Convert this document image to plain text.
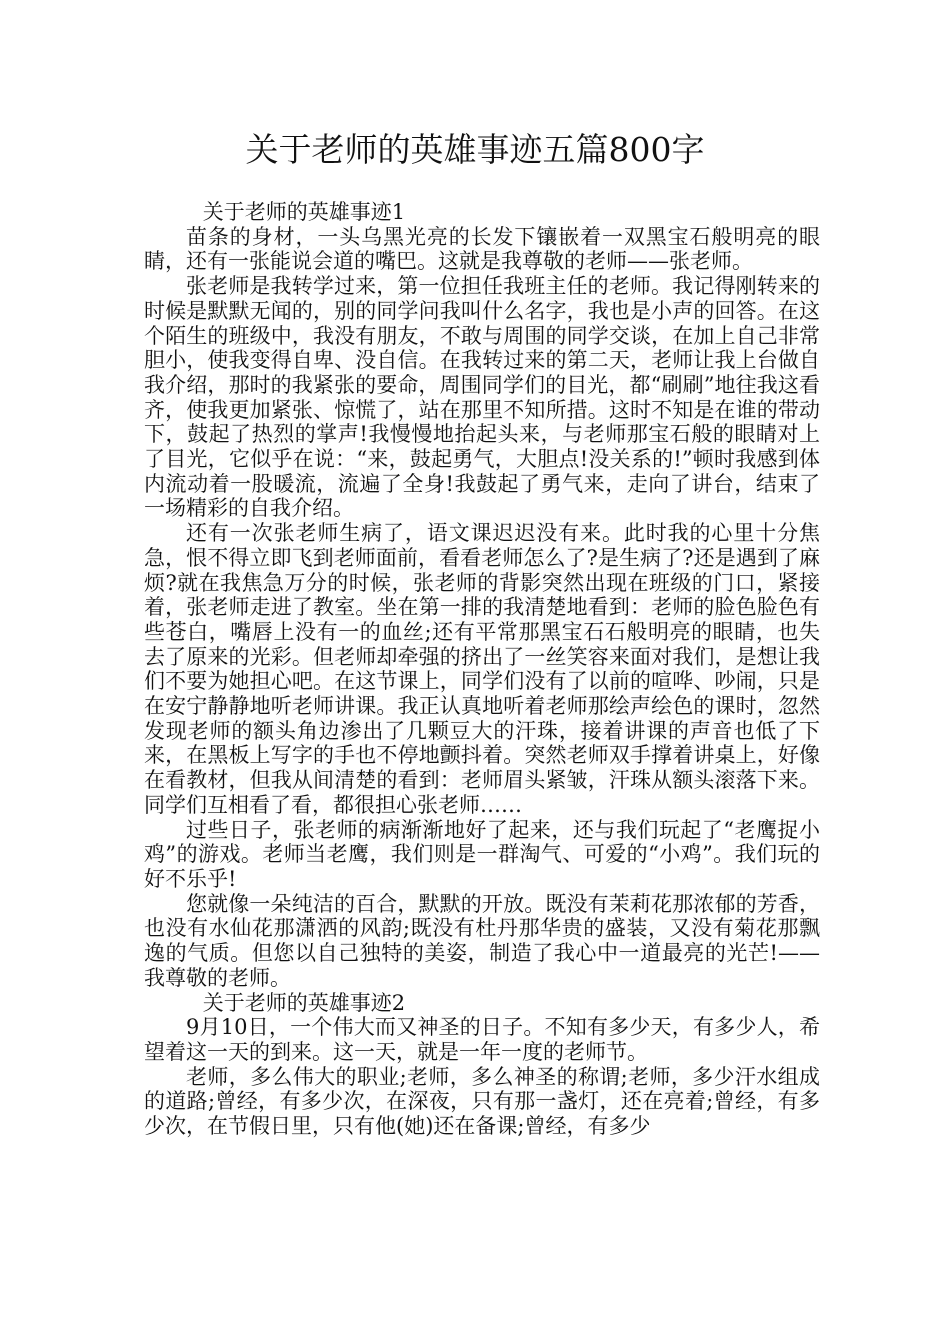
关于老师的英雄事迹五篇800字

关于老师的英雄事迹1

苗条的身材，一头乌黑光亮的长发下镶嵌着一双黑宝石般明亮的眼睛，还有一张能说会道的嘴巴。这就是我尊敬的老师——张老师。

张老师是我转学过来，第一位担任我班主任的老师。我记得刚转来的时候是默默无闻的，别的同学问我叫什么名字，我也是小声的回答。在这个陌生的班级中，我没有朋友，不敢与周围的同学交谈，在加上自己非常胆小，使我变得自卑、没自信。在我转过来的第二天，老师让我上台做自我介绍，那时的我紧张的要命，周围同学们的目光，都“刷刷”地往我这看齐，使我更加紧张、惊慌了，站在那里不知所措。这时不知是在谁的带动下，鼓起了热烈的掌声!我慢慢地抬起头来，与老师那宝石般的眼睛对上了目光，它似乎在说：“来，鼓起勇气，大胆点!没关系的!”顿时我感到体内流动着一股暖流，流遍了全身!我鼓起了勇气来，走向了讲台，结束了一场精彩的自我介绍。

还有一次张老师生病了，语文课迟迟没有来。此时我的心里十分焦急，恨不得立即飞到老师面前，看看老师怎么了?是生病了?还是遇到了麻烦?就在我焦急万分的时候，张老师的背影突然出现在班级的门口，紧接着，张老师走进了教室。坐在第一排的我清楚地看到：老师的脸色脸色有些苍白，嘴唇上没有一的血丝;还有平常那黑宝石石般明亮的眼睛，也失去了原来的光彩。但老师却牵强的挤出了一丝笑容来面对我们，是想让我们不要为她担心吧。在这节课上，同学们没有了以前的喧哗、吵闹，只是在安宁静静地听老师讲课。我正认真地听着老师那绘声绘色的课时，忽然发现老师的额头角边渗出了几颗豆大的汗珠，接着讲课的声音也低了下来，在黑板上写字的手也不停地颤抖着。突然老师双手撑着讲桌上，好像在看教材，但我从间清楚的看到：老师眉头紧皱，汗珠从额头滚落下来。同学们互相看了看，都很担心张老师……

过些日子，张老师的病渐渐地好了起来，还与我们玩起了“老鹰捉小鸡”的游戏。老师当老鹰，我们则是一群淘气、可爱的“小鸡”。我们玩的好不乐乎!

您就像一朵纯洁的百合，默默的开放。既没有茉莉花那浓郁的芳香，也没有水仙花那潇洒的风韵;既没有杜丹那华贵的盛装，又没有菊花那飘逸的气质。但您以自己独特的美姿，制造了我心中一道最亮的光芒!——我尊敬的老师。

关于老师的英雄事迹2

9月10日，一个伟大而又神圣的日子。不知有多少天，有多少人，希望着这一天的到来。这一天，就是一年一度的老师节。

老师，多么伟大的职业;老师，多么神圣的称谓;老师，多少汗水组成的道路;曾经，有多少次，在深夜，只有那一盏灯，还在亮着;曾经，有多少次，在节假日里，只有他(她)还在备课;曾经，有多少
